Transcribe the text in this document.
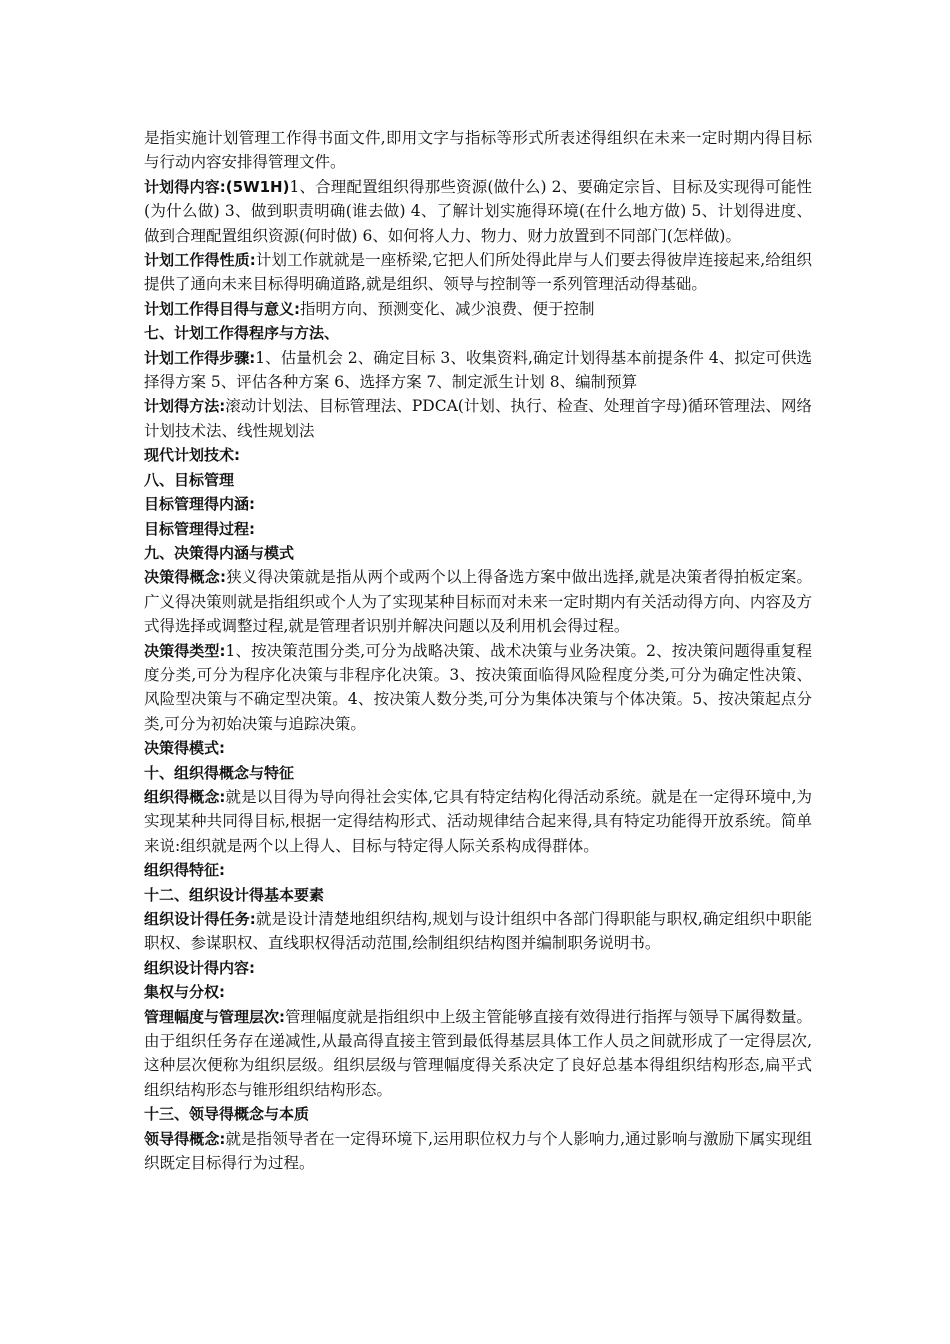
是指实施计划管理工作得书面文件,即用文字与指标等形式所表述得组织在未来一定时期内得目标与行动内容安排得管理文件。

计划得内容:(5W1H)1、合理配置组织得那些资源(做什么) 2、要确定宗旨、目标及实现得可能性(为什么做) 3、做到职责明确(谁去做) 4、了解计划实施得环境(在什么地方做) 5、计划得进度、做到合理配置组织资源(何时做) 6、如何将人力、物力、财力放置到不同部门(怎样做)。

计划工作得性质:计划工作就就是一座桥梁,它把人们所处得此岸与人们要去得彼岸连接起来,给组织提供了通向未来目标得明确道路,就是组织、领导与控制等一系列管理活动得基础。

计划工作得目得与意义:指明方向、预测变化、减少浪费、便于控制

七、计划工作得程序与方法、

计划工作得步骤:1、估量机会 2、确定目标 3、收集资料,确定计划得基本前提条件 4、拟定可供选择得方案 5、评估各种方案 6、选择方案 7、制定派生计划 8、编制预算

计划得方法:滚动计划法、目标管理法、PDCA(计划、执行、检查、处理首字母)循环管理法、网络计划技术法、线性规划法

现代计划技术:

八、目标管理

目标管理得内涵:

目标管理得过程:

九、决策得内涵与模式

决策得概念:狭义得决策就是指从两个或两个以上得备选方案中做出选择,就是决策者得拍板定案。广义得决策则就是指组织或个人为了实现某种目标而对未来一定时期内有关活动得方向、内容及方式得选择或调整过程,就是管理者识别并解决问题以及利用机会得过程。

决策得类型:1、按决策范围分类,可分为战略决策、战术决策与业务决策。2、按决策问题得重复程度分类,可分为程序化决策与非程序化决策。3、按决策面临得风险程度分类,可分为确定性决策、风险型决策与不确定型决策。4、按决策人数分类,可分为集体决策与个体决策。5、按决策起点分类,可分为初始决策与追踪决策。

决策得模式:

十、组织得概念与特征

组织得概念:就是以目得为导向得社会实体,它具有特定结构化得活动系统。就是在一定得环境中,为实现某种共同得目标,根据一定得结构形式、活动规律结合起来得,具有特定功能得开放系统。简单来说:组织就是两个以上得人、目标与特定得人际关系构成得群体。

组织得特征:

十二、组织设计得基本要素

组织设计得任务:就是设计清楚地组织结构,规划与设计组织中各部门得职能与职权,确定组织中职能职权、参谋职权、直线职权得活动范围,绘制组织结构图并编制职务说明书。

组织设计得内容:

集权与分权:

管理幅度与管理层次:管理幅度就是指组织中上级主管能够直接有效得进行指挥与领导下属得数量。由于组织任务存在递减性,从最高得直接主管到最低得基层具体工作人员之间就形成了一定得层次,这种层次便称为组织层级。组织层级与管理幅度得关系决定了良好总基本得组织结构形态,扁平式组织结构形态与锥形组织结构形态。

十三、领导得概念与本质

领导得概念:就是指领导者在一定得环境下,运用职位权力与个人影响力,通过影响与激励下属实现组织既定目标得行为过程。
